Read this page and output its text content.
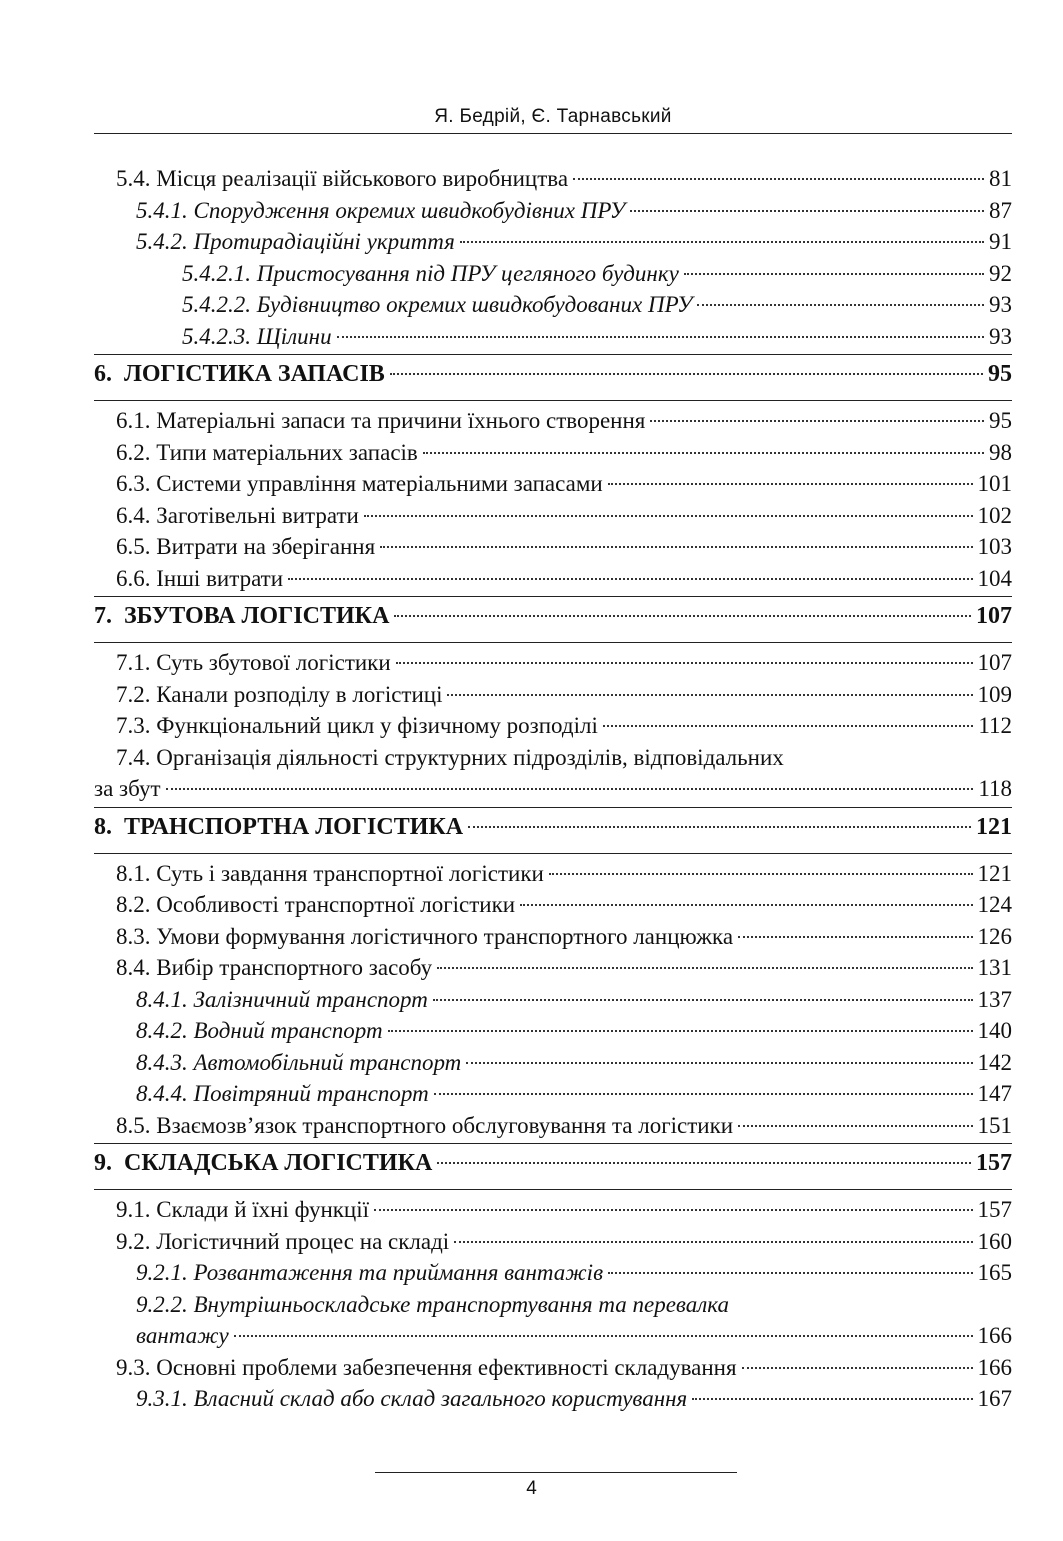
Я. Бедрій, Є. Тарнавський
5.4. Місця реалізації військового виробництва	81
5.4.1. Спорудження окремих швидкобудівних ПРУ	87
5.4.2. Протирадіаційні укриття	91
5.4.2.1. Пристосування під ПРУ цегляного будинку	92
5.4.2.2. Будівництво окремих швидкобудованих ПРУ	93
5.4.2.3. Щілини	93
6.  ЛОГІСТИКА ЗАПАСІВ	95
6.1. Матеріальні запаси та причини їхнього створення	95
6.2. Типи матеріальних запасів	98
6.3. Системи управління матеріальними запасами	101
6.4. Заготівельні витрати	102
6.5. Витрати на зберігання	103
6.6. Інші витрати	104
7.  ЗБУТОВА ЛОГІСТИКА	107
7.1. Суть збутової логістики	107
7.2. Канали розподілу в логістиці	109
7.3. Функціональний цикл у фізичному розподілі	112
7.4. Організація діяльності структурних підрозділів, відповідальних
за збут	118
8.  ТРАНСПОРТНА ЛОГІСТИКА	121
8.1. Суть і завдання транспортної логістики	121
8.2. Особливості транспортної логістики	124
8.3. Умови формування логістичного транспортного ланцюжка	126
8.4. Вибір транспортного засобу	131
8.4.1. Залізничний транспорт	137
8.4.2. Водний транспорт	140
8.4.3. Автомобільний транспорт	142
8.4.4. Повітряний транспорт	147
8.5. Взаємозв’язок транспортного обслуговування та логістики	151
9.  СКЛАДСЬКА ЛОГІСТИКА	157
9.1. Склади й їхні функції	157
9.2. Логістичний процес на складі	160
9.2.1. Розвантаження та приймання вантажів	165
9.2.2. Внутрішньоскладське транспортування та перевалка
вантажу	166
9.3. Основні проблеми забезпечення ефективності складування	166
9.3.1. Власний склад або склад загального користування	167
4
